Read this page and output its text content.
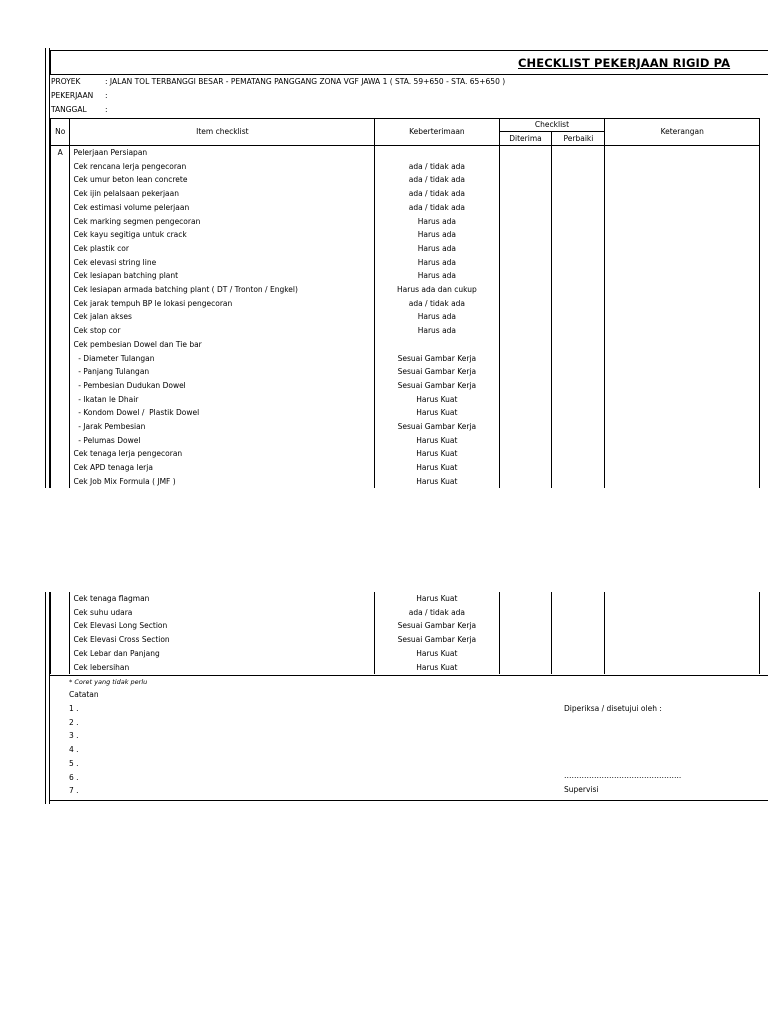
CHECKLIST PEKERJAAN RIGID PA
PROYEK	: JALAN TOL TERBANGGI BESAR - PEMATANG PANGGANG ZONA VGF JAWA 1 ( STA. 59+650 - STA. 65+650 )
PEKERJAAN :
TANGGAL :
No	Item checklist	Keberterimaan	Checklist		Keterangan
			Diterima	Perbaiki	
A	Pelerjaan Persiapan				
	Cek rencana lerja pengecoran	ada / tidak ada			
	Cek umur beton lean concrete	ada / tidak ada			
	Cek ijin pelalsaan pekerjaan	ada / tidak ada			
	Cek estimasi volume pelerjaan	ada / tidak ada			
	Cek marking segmen pengecoran	Harus ada			
	Cek kayu segitiga untuk crack	Harus ada			
	Cek plastik cor	Harus ada			
	Cek elevasi string line	Harus ada			
	Cek lesiapan batching plant	Harus ada			
	Cek lesiapan armada batching plant ( DT / Tronton / Engkel)	Harus ada dan cukup			
	Cek jarak tempuh BP le lokasi pengecoran	ada / tidak ada			
	Cek jalan akses	Harus ada			
	Cek stop cor	Harus ada			
	Cek pembesian Dowel dan Tie bar				
	- Diameter Tulangan	Sesuai Gambar Kerja			
	- Panjang Tulangan	Sesuai Gambar Kerja			
	- Pembesian Dudukan Dowel	Sesuai Gambar Kerja			
	- Ikatan le Dhair	Harus Kuat			
	- Kondom Dowel /  Plastik Dowel	Harus Kuat			
	- Jarak Pembesian	Sesuai Gambar Kerja			
	- Pelumas Dowel	Harus Kuat			
	Cek tenaga lerja pengecoran	Harus Kuat			
	Cek APD tenaga lerja	Harus Kuat			
	Cek Job Mix Formula ( JMF )	Harus Kuat			
	Cek tenaga flagman	Harus Kuat			
	Cek suhu udara	ada / tidak ada			
	Cek Elevasi Long Section	Sesuai Gambar Kerja			
	Cek Elevasi Cross Section	Sesuai Gambar Kerja			
	Cek Lebar dan Panjang	Harus Kuat			
	Cek lebersihan	Harus Kuat			
* Coret yang tidak perlu
Catatan
1 .
2 .
3 .
4 .
5 .
6 .
7 .
Diperiksa / disetujui oleh :
………………………………………..
Supervisi
